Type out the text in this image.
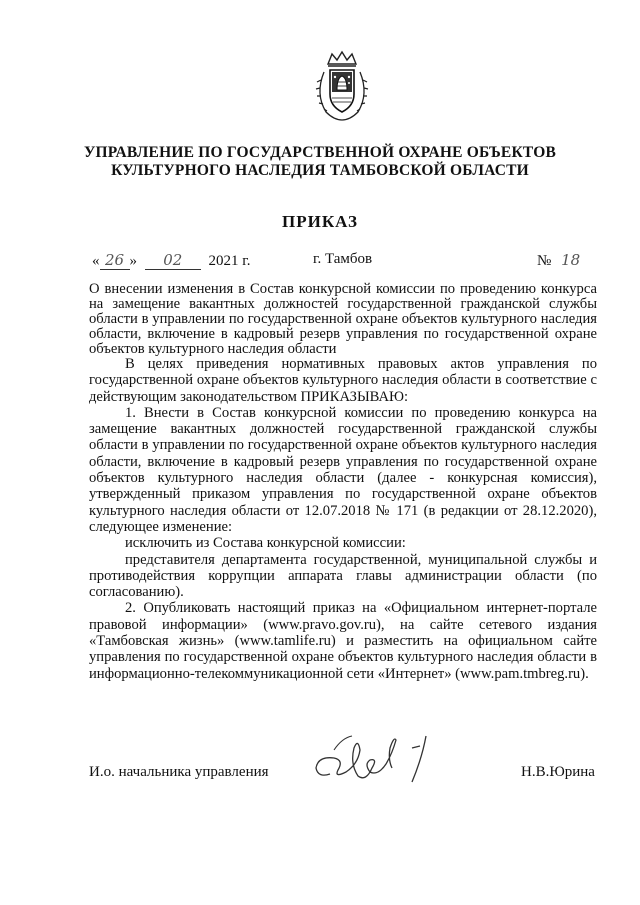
УПРАВЛЕНИЕ ПО ГОСУДАРСТВЕННОЙ ОХРАНЕ ОБЪЕКТОВ
КУЛЬТУРНОГО НАСЛЕДИЯ ТАМБОВСКОЙ ОБЛАСТИ
ПРИКАЗ
« 26 » 02 2021 г.	г. Тамбов	№ 18
О внесении изменения в Состав конкурсной комиссии по проведению конкурса на замещение вакантных должностей государственной гражданской службы области в управлении по государственной охране объектов культурного наследия области, включение в кадровый резерв управления по государственной охране объектов культурного наследия области

В целях приведения нормативных правовых актов управления по государственной охране объектов культурного наследия области в соответствие с действующим законодательством ПРИКАЗЫВАЮ:

1. Внести в Состав конкурсной комиссии по проведению конкурса на замещение вакантных должностей государственной гражданской службы области в управлении по государственной охране объектов культурного наследия области, включение в кадровый резерв управления по государственной охране объектов культурного наследия области (далее - конкурсная комиссия), утвержденный приказом управления по государственной охране объектов культурного наследия области от 12.07.2018 № 171 (в редакции от 28.12.2020), следующее изменение:

исключить из Состава конкурсной комиссии:

представителя департамента государственной, муниципальной службы и противодействия коррупции аппарата главы администрации области (по согласованию).

2. Опубликовать настоящий приказ на «Официальном интернет-портале правовой информации» (www.pravo.gov.ru), на сайте сетевого издания «Тамбовская жизнь» (www.tamlife.ru) и разместить на официальном сайте управления по государственной охране объектов культурного наследия области в информационно-телекоммуникационной сети «Интернет» (www.pam.tmbreg.ru).

И.о. начальника управления	Н.В.Юрина
